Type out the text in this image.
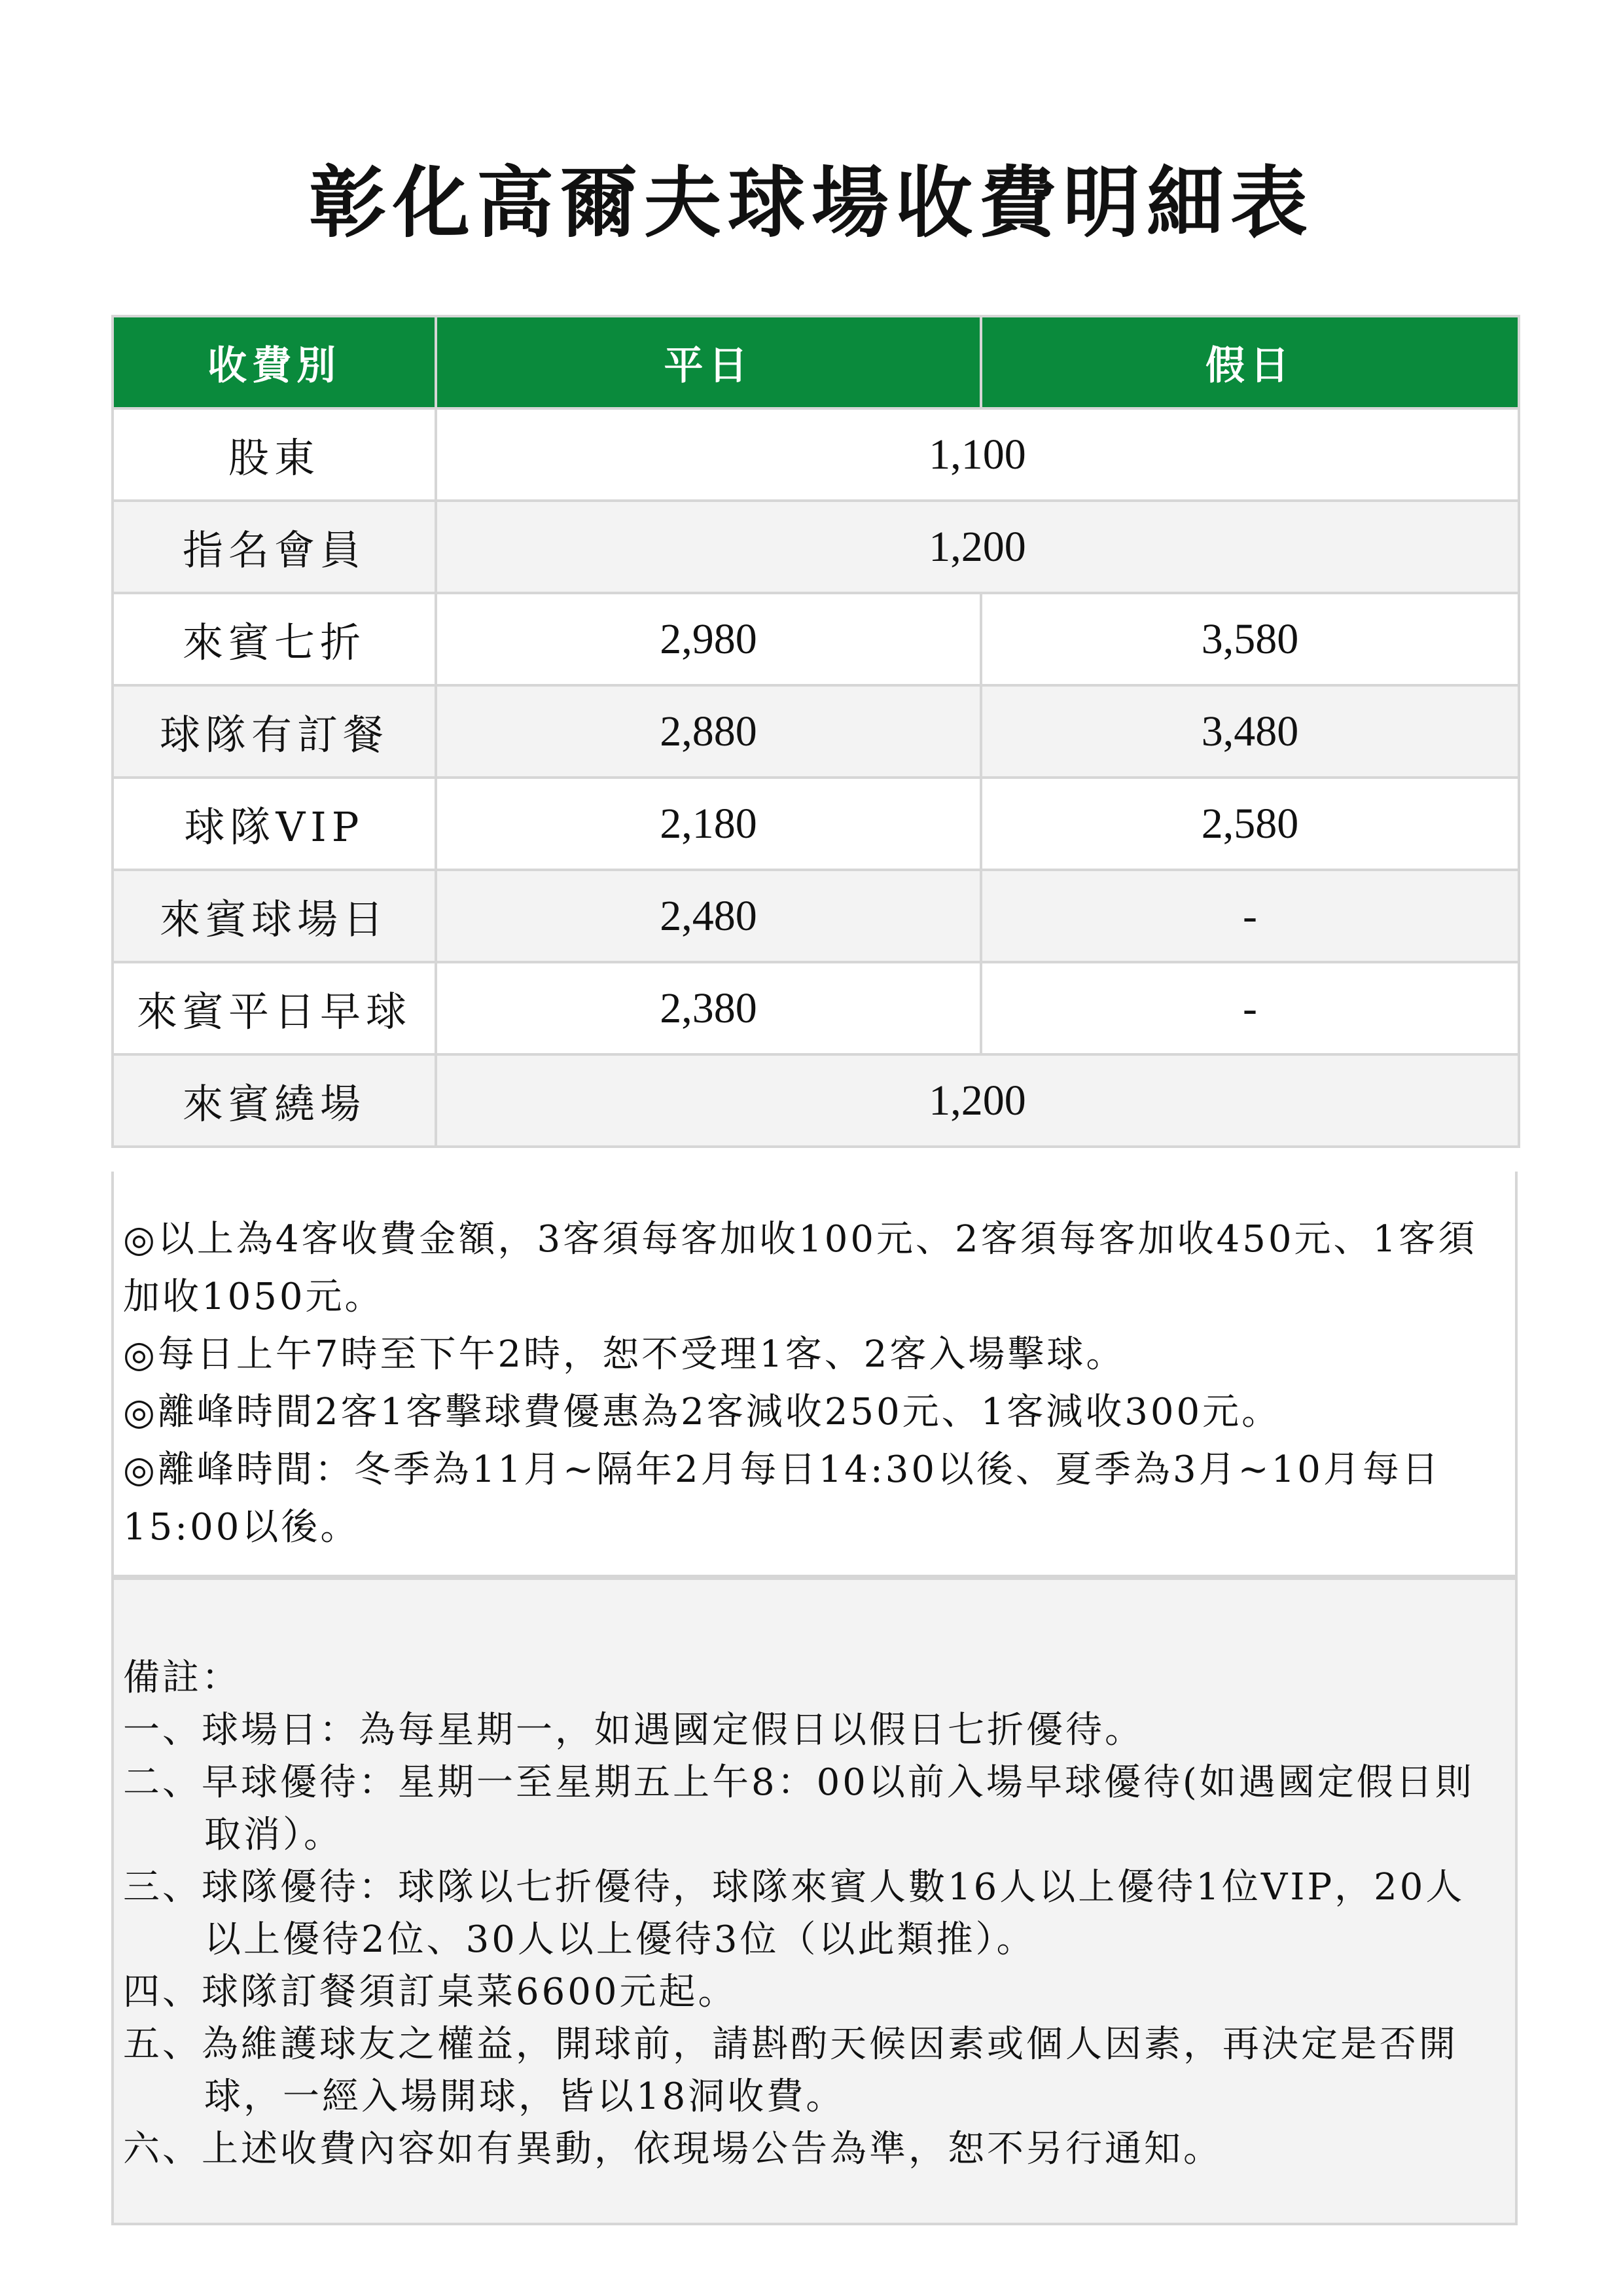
彰化高爾夫球場收費明細表
收費別	平日	假日
股東	1,100	
指名會員	1,200	
來賓七折	2,980	3,580
球隊有訂餐	2,880	3,480
球隊VIP	2,180	2,580
來賓球場日	2,480	-
來賓平日早球	2,380	-
來賓繞場	1,200	
◎以上為4客收費金額，3客須每客加收100元、2客須每客加收450元、1客須加收1050元。
◎每日上午7時至下午2時，恕不受理1客、2客入場擊球。
◎離峰時間2客1客擊球費優惠為2客減收250元、1客減收300元。
◎離峰時間：冬季為11月~隔年2月每日14:30以後、夏季為3月~10月每日15:00以後。
備註：
一、球場日：為每星期一，如遇國定假日以假日七折優待。
二、早球優待：星期一至星期五上午8：00以前入場早球優待(如遇國定假日則取消）。
三、球隊優待：球隊以七折優待，球隊來賓人數16人以上優待1位VIP，20人以上優待2位、30人以上優待3位（以此類推）。
四、球隊訂餐須訂桌菜6600元起。
五、為維護球友之權益，開球前，請斟酌天候因素或個人因素，再決定是否開球，一經入場開球，皆以18洞收費。
六、上述收費內容如有異動，依現場公告為準，恕不另行通知。
